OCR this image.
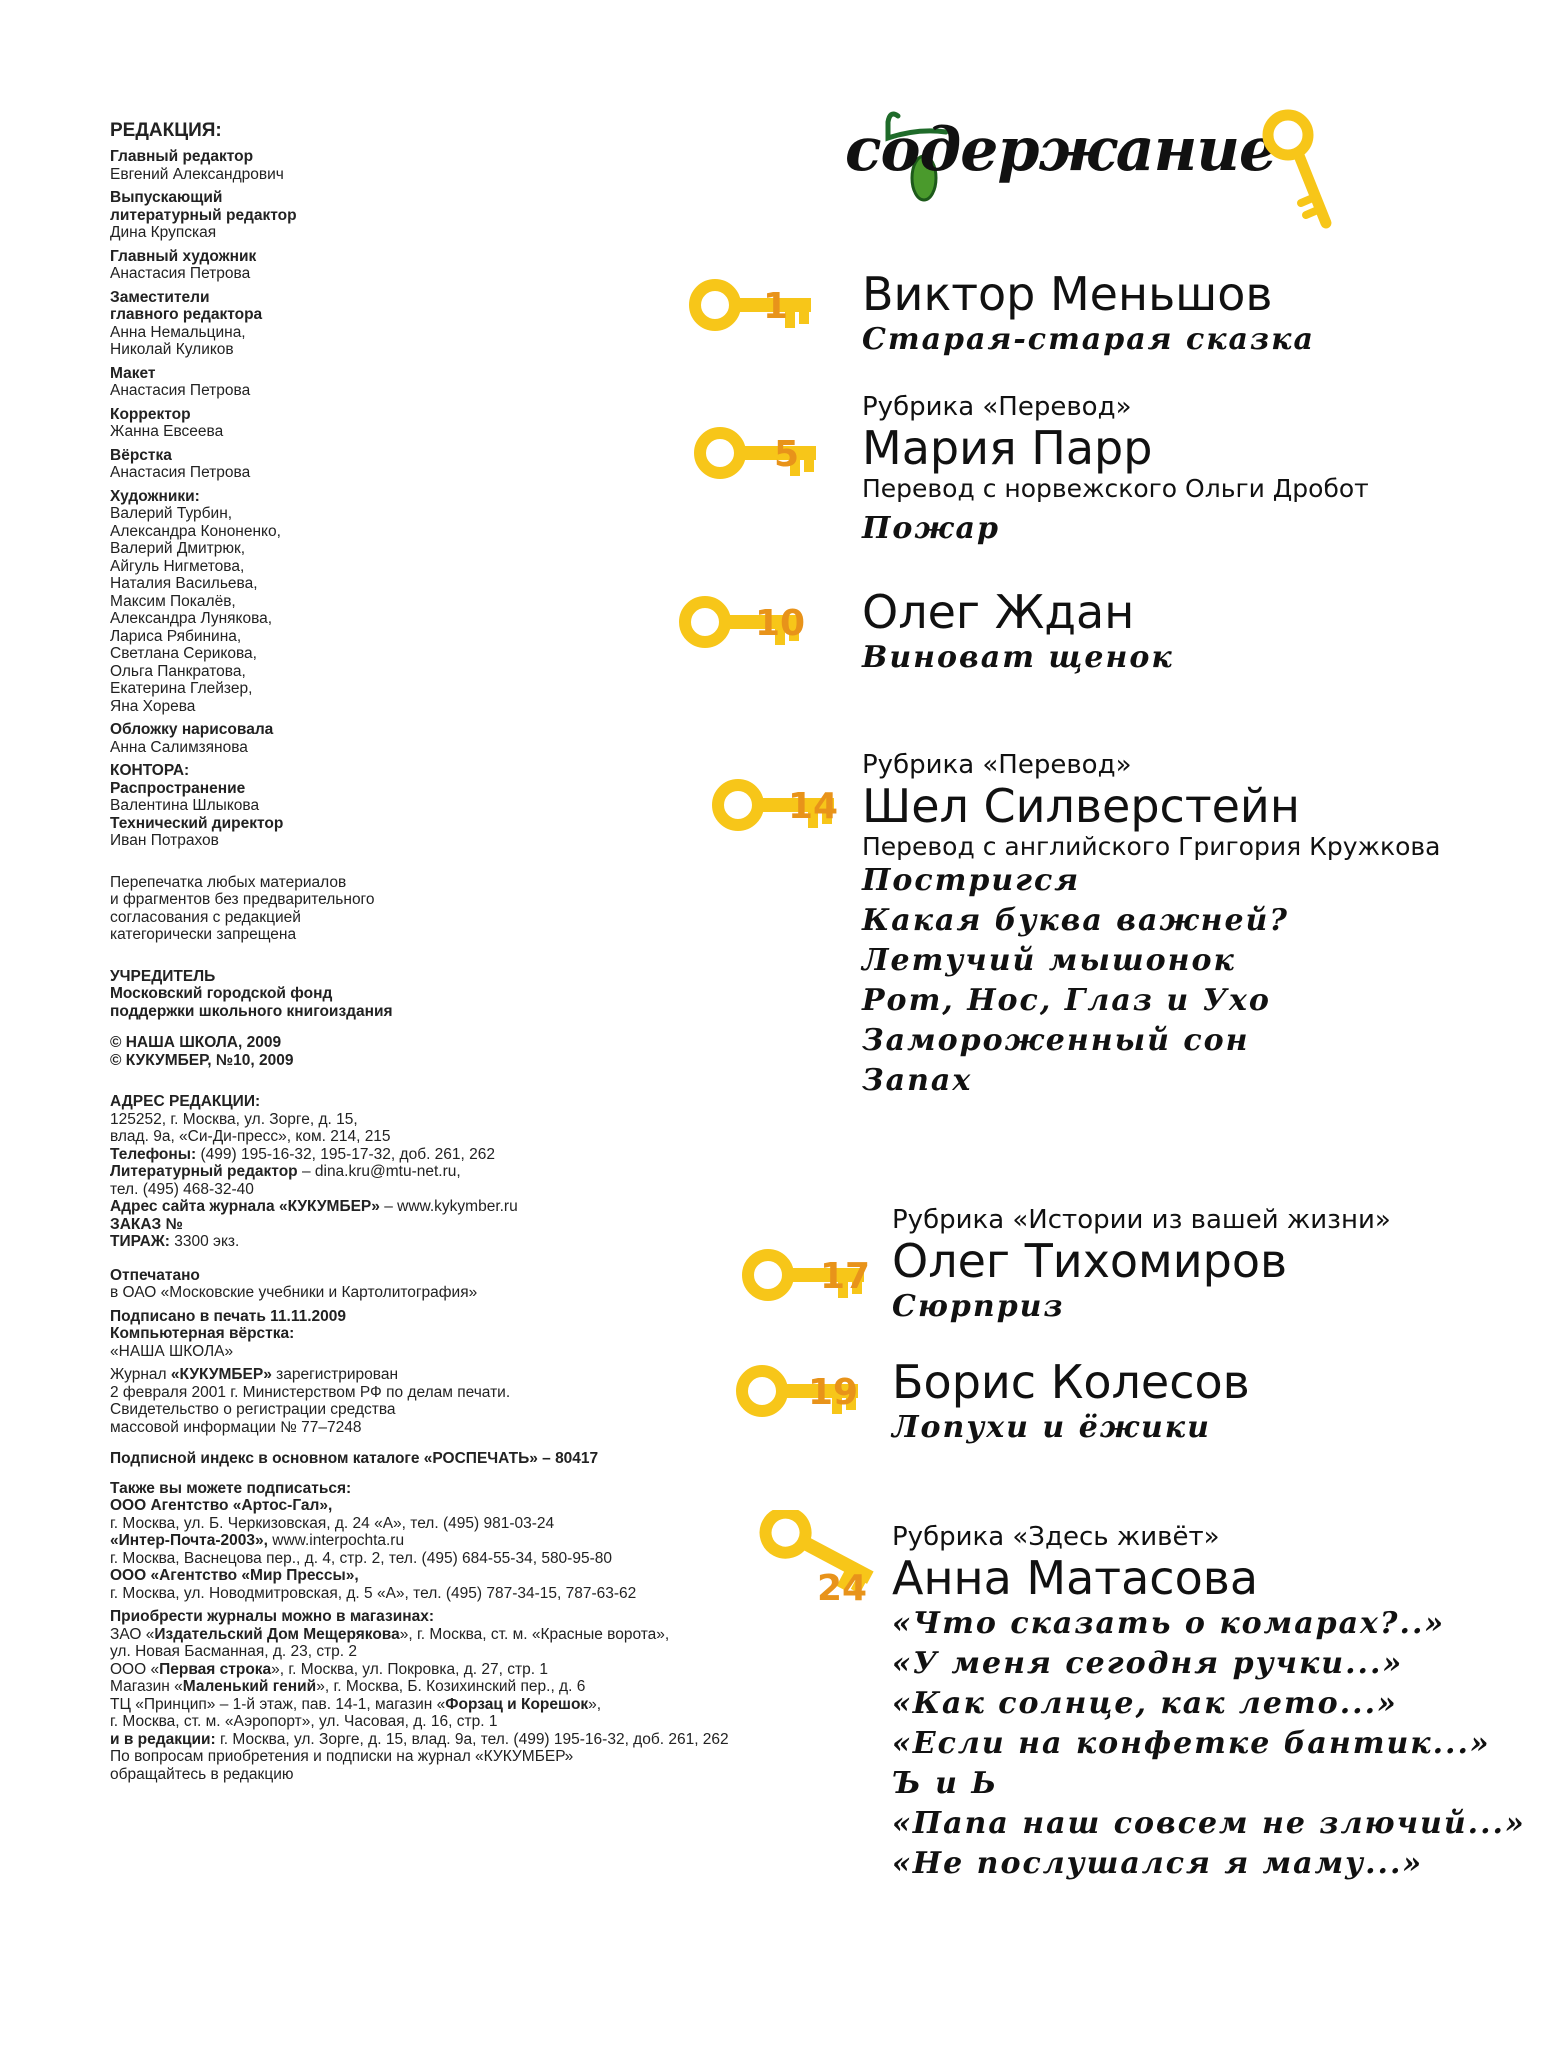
РЕДАКЦИЯ:
Главный редактор
Евгений Александрович
Выпускающий
литературный редактор
Дина Крупская
Главный художник
Анастасия Петрова
Заместители
главного редактора
Анна Немальцина,
Николай Куликов
Макет
Анастасия Петрова
Корректор
Жанна Евсеева
Вёрстка
Анастасия Петрова
Художники:
Валерий Турбин,
Александра Кононенко,
Валерий Дмитрюк,
Айгуль Нигметова,
Наталия Васильева,
Максим Покалёв,
Александра Лунякова,
Лариса Рябинина,
Светлана Серикова,
Ольга Панкратова,
Екатерина Глейзер,
Яна Хорева
Обложку нарисовала
Анна Салимзянова
КОНТОРА:
Распространение
Валентина Шлыкова
Технический директор
Иван Потрахов
Перепечатка любых материалов
и фрагментов без предварительного
согласования с редакцией
категорически запрещена
УЧРЕДИТЕЛЬ
Московский городской фонд
поддержки школьного книгоиздания
© НАША ШКОЛА, 2009
© КУКУМБЕР, №10, 2009
АДРЕС РЕДАКЦИИ:
125252, г. Москва, ул. Зорге, д. 15,
влад. 9а, «Си-Ди-пресс», ком. 214, 215
Телефоны: (499) 195-16-32, 195-17-32, доб. 261, 262
Литературный редактор – dina.kru@mtu-net.ru,
тел. (495) 468-32-40
Адрес сайта журнала «КУКУМБЕР» – www.kykymber.ru
ЗАКАЗ №
ТИРАЖ: 3300 экз.
Отпечатано
в ОАО «Московские учебники и Картолитография»
Подписано в печать 11.11.2009
Компьютерная вёрстка:
«НАША ШКОЛА»
Журнал «КУКУМБЕР» зарегистрирован
2 февраля 2001 г. Министерством РФ по делам печати.
Свидетельство о регистрации средства
массовой информации № 77–7248
Подписной индекс в основном каталоге «РОСПЕЧАТЬ» – 80417
Также вы можете подписаться:
ООО Агентство «Артос-Гал»,
г. Москва, ул. Б. Черкизовская, д. 24 «А», тел. (495) 981-03-24
«Интер-Почта-2003», www.interpochta.ru
г. Москва, Васнецова пер., д. 4, стр. 2, тел. (495) 684-55-34, 580-95-80
ООО «Агентство «Мир Прессы»,
г. Москва, ул. Новодмитровская, д. 5 «А», тел. (495) 787-34-15, 787-63-62
Приобрести журналы можно в магазинах:
ЗАО «Издательский Дом Мещерякова», г. Москва, ст. м. «Красные ворота»,
ул. Новая Басманная, д. 23, стр. 2
ООО «Первая строка», г. Москва, ул. Покровка, д. 27, стр. 1
Магазин «Маленький гений», г. Москва, Б. Козихинский пер., д. 6
ТЦ «Принцип» – 1-й этаж, пав. 14-1, магазин «Форзац и Корешок»,
г. Москва, ст. м. «Аэропорт», ул. Часовая, д. 16, стр. 1
и в редакции: г. Москва, ул. Зорге, д. 15, влад. 9а, тел. (499) 195-16-32, доб. 261, 262
По вопросам приобретения и подписки на журнал «КУКУМБЕР»
обращайтесь в редакцию
содержание
1 Виктор Меньшов
Старая-старая сказка
5
Рубрика «Перевод»
Мария Парр
Перевод с норвежского Ольги Дробот
Пожар
10 Олег Ждан
Виноват щенок
14
Рубрика «Перевод»
Шел Силверстейн
Перевод с английского Григория Кружкова
Постригся
Какая буква важней?
Летучий мышонок
Рот, Нос, Глаз и Ухо
Замороженный сон
Запах
17
Рубрика «Истории из вашей жизни»
Олег Тихомиров
Сюрприз
19 Борис Колесов
Лопухи и ёжики
24
Рубрика «Здесь живёт»
Анна Матасова
«Что сказать о комарах?..»
«У меня сегодня ручки...»
«Как солнце, как лето...»
«Если на конфетке бантик...»
Ъ и Ь
«Папа наш совсем не злючий...»
«Не послушался я маму...»
